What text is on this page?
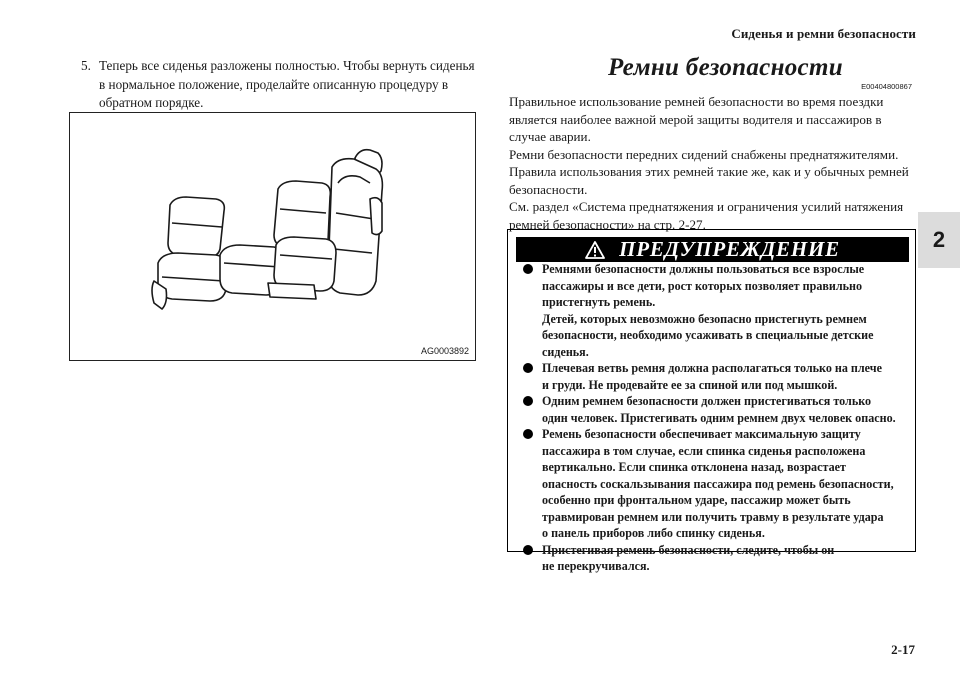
Сиденья и ремни безопасности
2
5. Теперь все сиденья разложены полностью. Чтобы вернуть сиденья в нормальное положение, проделайте описанную процедуру в обратном порядке.
AG0003892
Ремни безопасности
E00404800867

Правильное использование ремней безопасности во время поездки является наиболее важной мерой защиты водителя и пассажиров в случае аварии.

Ремни безопасности передних сидений снабжены преднатяжителями. Правила использования этих ремней такие же, как и у обычных ремней безопасности.

См. раздел «Система преднатяжения и ограничения усилий натяжения ремней безопасности» на стр. 2-27.

ПРЕДУПРЕЖДЕНИЕ
Ремнями безопасности должны пользоваться все взрослые
пассажиры и все дети, рост которых позволяет правильно
пристегнуть ремень.
Детей, которых невозможно безопасно пристегнуть ремнем
безопасности, необходимо усаживать в специальные детские
сиденья.
Плечевая ветвь ремня должна располагаться только на плече
и груди. Не продевайте ее за спиной или под мышкой.
Одним ремнем безопасности должен пристегиваться только
один человек. Пристегивать одним ремнем двух человек опасно.
Ремень безопасности обеспечивает максимальную защиту
пассажира в том случае, если спинка сиденья расположена
вертикально. Если спинка отклонена назад, возрастает
опасность соскальзывания пассажира под ремень безопасности,
особенно при фронтальном ударе, пассажир может быть
травмирован ремнем или получить травму в результате удара
о панель приборов либо спинку сиденья.
Пристегивая ремень безопасности, следите, чтобы он
не перекручивался.
2-17
